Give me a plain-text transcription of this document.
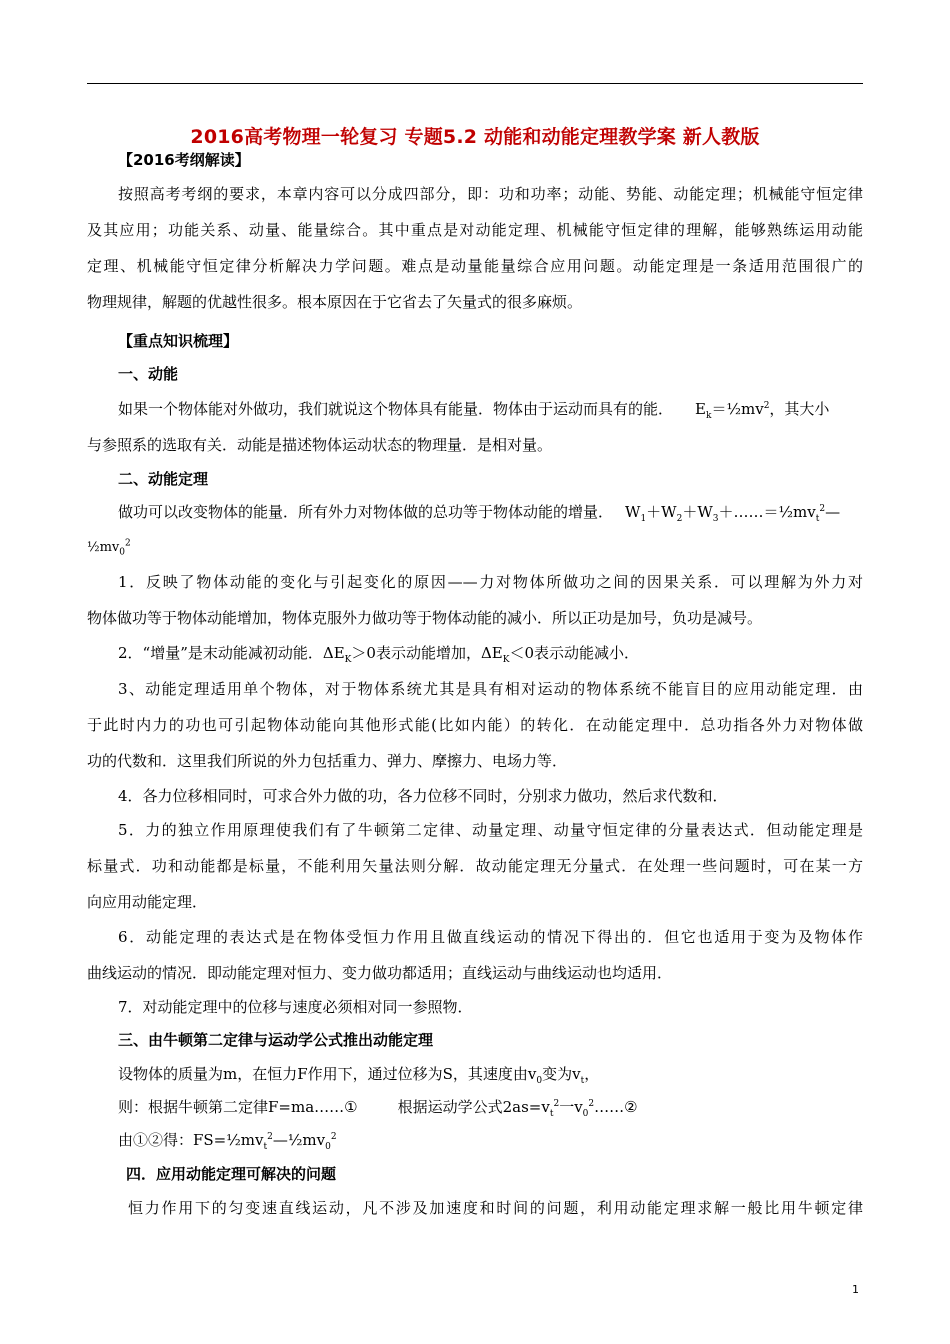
2016高考物理一轮复习 专题5.2 动能和动能定理教学案 新人教版
【2016考纲解读】
按照高考考纲的要求，本章内容可以分成四部分，即：功和功率；动能、势能、动能定理；机械能守恒定律
及其应用；功能关系、动量、能量综合。其中重点是对动能定理、机械能守恒定律的理解，能够熟练运用动能
定理、机械能守恒定律分析解决力学问题。难点是动量能量综合应用问题。动能定理是一条适用范围很广的
物理规律，解题的优越性很多。根本原因在于它省去了矢量式的很多麻烦。
【重点知识梳理】
一、动能
如果一个物体能对外做功，我们就说这个物体具有能量．物体由于运动而具有的能． $E_k=\frac{1}{2}mv^2$，其大小
与参照系的选取有关．动能是描述物体运动状态的物理量．是相对量。
二、动能定理
做功可以改变物体的能量．所有外力对物体做的总功等于物体动能的增量． $W_1+W_2+W_3+\dots\dots=\frac{1}{2}mv_t^2—$
$\frac{1}{2}mv_0^2$
1．反映了物体动能的变化与引起变化的原因——力对物体所做功之间的因果关系．可以理解为外力对
物体做功等于物体动能增加，物体克服外力做功等于物体动能的减小．所以正功是加号，负功是减号。
2．“增量”是末动能减初动能．$\Delta E_K>0$表示动能增加，$\Delta E_K<0$表示动能减小．
3、动能定理适用单个物体，对于物体系统尤其是具有相对运动的物体系统不能盲目的应用动能定理．由
于此时内力的功也可引起物体动能向其他形式能(比如内能）的转化．在动能定理中．总功指各外力对物体做
功的代数和．这里我们所说的外力包括重力、弹力、摩擦力、电场力等．
4．各力位移相同时，可求合外力做的功，各力位移不同时，分别求力做功，然后求代数和．
5．力的独立作用原理使我们有了牛顿第二定律、动量定理、动量守恒定律的分量表达式．但动能定理是
标量式．功和动能都是标量，不能利用矢量法则分解．故动能定理无分量式．在处理一些问题时，可在某一方
向应用动能定理．
6．动能定理的表达式是在物体受恒力作用且做直线运动的情况下得出的．但它也适用于变为及物体作
曲线运动的情况．即动能定理对恒力、变力做功都适用；直线运动与曲线运动也均适用．
7．对动能定理中的位移与速度必须相对同一参照物．
三、由牛顿第二定律与运动学公式推出动能定理
设物体的质量为m，在恒力F作用下，通过位移为S，其速度由$v_0$变为$v_t$，
则：根据牛顿第二定律F=ma……①	根据运动学公式$2as=v_t^2$一$v_0^2\dots\dots ②$
由①②得：$FS=\frac{1}{2}mv_t^2—\frac{1}{2}mv_0^2$
四．应用动能定理可解决的问题
恒力作用下的匀变速直线运动，凡不涉及加速度和时间的问题，利用动能定理求解一般比用牛顿定律
1
